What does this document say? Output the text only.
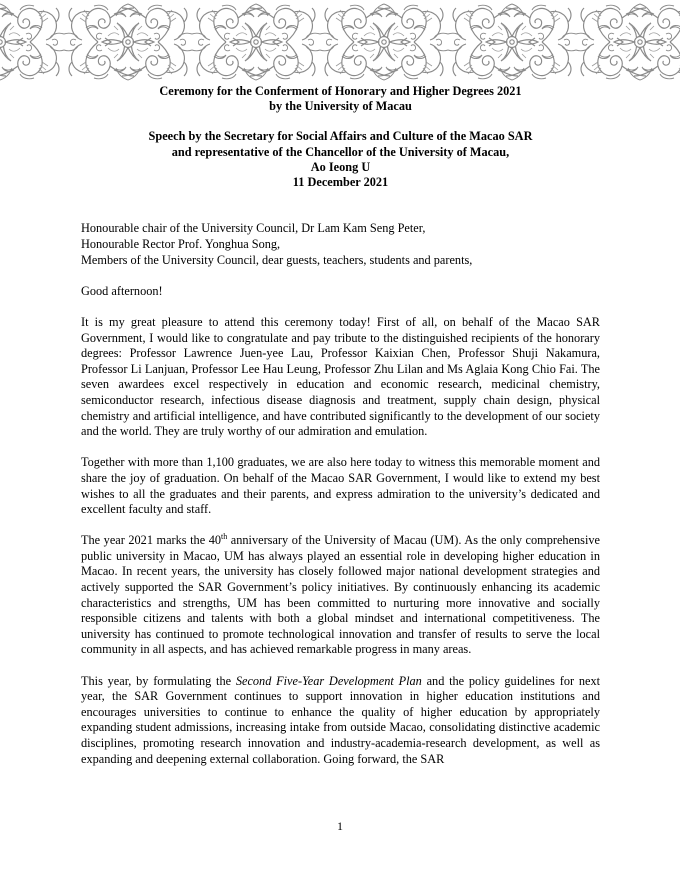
Ceremony for the Conferment of Honorary and Higher Degrees 2021
by the University of Macau
Speech by the Secretary for Social Affairs and Culture of the Macao SAR
and representative of the Chancellor of the University of Macau,
Ao Ieong U
11 December 2021
Honourable chair of the University Council, Dr Lam Kam Seng Peter,
Honourable Rector Prof. Yonghua Song,
Members of the University Council, dear guests, teachers, students and parents,
Good afternoon!

It is my great pleasure to attend this ceremony today! First of all, on behalf of the Macao SAR Government, I would like to congratulate and pay tribute to the distinguished recipients of the honorary degrees: Professor Lawrence Juen-yee Lau, Professor Kaixian Chen, Professor Shuji Nakamura, Professor Li Lanjuan, Professor Lee Hau Leung, Professor Zhu Lilan and Ms Aglaia Kong Chio Fai. The seven awardees excel respectively in education and economic research, medicinal chemistry, semiconductor research, infectious disease diagnosis and treatment, supply chain design, physical chemistry and artificial intelligence, and have contributed significantly to the development of our society and the world. They are truly worthy of our admiration and emulation.

Together with more than 1,100 graduates, we are also here today to witness this memorable moment and share the joy of graduation. On behalf of the Macao SAR Government, I would like to extend my best wishes to all the graduates and their parents, and express admiration to the university’s dedicated and excellent faculty and staff.

The year 2021 marks the 40th anniversary of the University of Macau (UM). As the only comprehensive public university in Macao, UM has always played an essential role in developing higher education in Macao. In recent years, the university has closely followed major national development strategies and actively supported the SAR Government’s policy initiatives. By continuously enhancing its academic characteristics and strengths, UM has been committed to nurturing more innovative and socially responsible citizens and talents with both a global mindset and international competitiveness. The university has continued to promote technological innovation and transfer of results to serve the local community in all aspects, and has achieved remarkable progress in many areas.

This year, by formulating the Second Five-Year Development Plan and the policy guidelines for next year, the SAR Government continues to support innovation in higher education institutions and encourages universities to continue to enhance the quality of higher education by appropriately expanding student admissions, increasing intake from outside Macao, consolidating distinctive academic disciplines, promoting research innovation and industry-academia-research development, as well as expanding and deepening external collaboration. Going forward, the SAR

1
